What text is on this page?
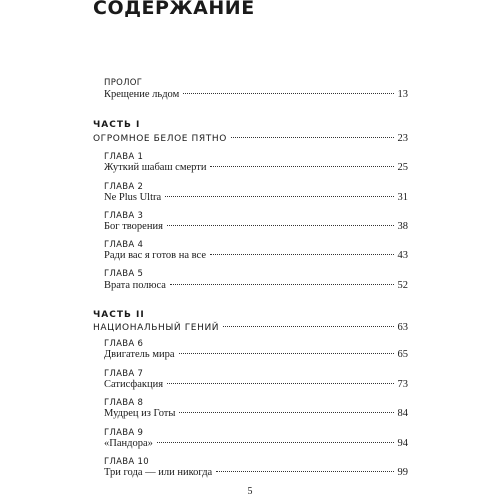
СОДЕРЖАНИЕ
ПРОЛОГ
Крещение льдом	13
ЧАСТЬ I
ОГРОМНОЕ БЕЛОЕ ПЯТНО	23
ГЛАВА 1
Жуткий шабаш смерти	25
ГЛАВА 2
Ne Plus Ultra	31
ГЛАВА 3
Бог творения	38
ГЛАВА 4
Ради вас я готов на все	43
ГЛАВА 5
Врата полюса	52
ЧАСТЬ II
НАЦИОНАЛЬНЫЙ ГЕНИЙ	63
ГЛАВА 6
Двигатель мира	65
ГЛАВА 7
Сатисфакция	73
ГЛАВА 8
Мудрец из Готы	84
ГЛАВА 9
«Пандора»	94
ГЛАВА 10
Три года — или никогда	99
5
